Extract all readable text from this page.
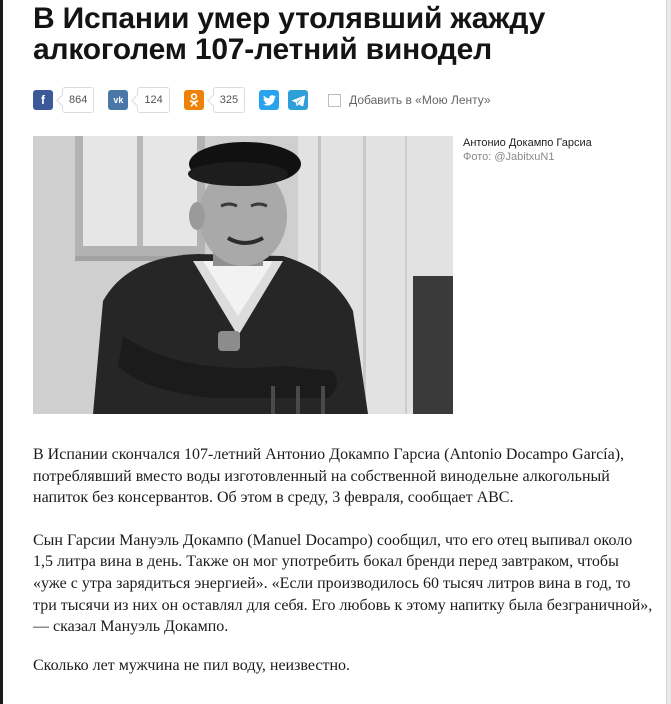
В Испании умер утолявший жажду алкоголем 107-летний винодел
f	864	vk	124	325	Добавить в «Мою Ленту»
Антонио Докампо Гарсиа
Фото: @JabitxuN1

В Испании скончался 107-летний Антонио Докампо Гарсиа (Antonio Docampo García), потреблявший вместо воды изготовленный на собственной винодельне алкогольный напиток без консервантов. Об этом в среду, 3 февраля, сообщает ABC.

Сын Гарсии Мануэль Докампо (Manuel Docampo) сообщил, что его отец выпивал около 1,5 литра вина в день. Также он мог употребить бокал бренди перед завтраком, чтобы «уже с утра зарядиться энергией». «Если производилось 60 тысяч литров вина в год, то три тысячи из них он оставлял для себя. Его любовь к этому напитку была безграничной», — сказал Мануэль Докампо.

Сколько лет мужчина не пил воду, неизвестно.
